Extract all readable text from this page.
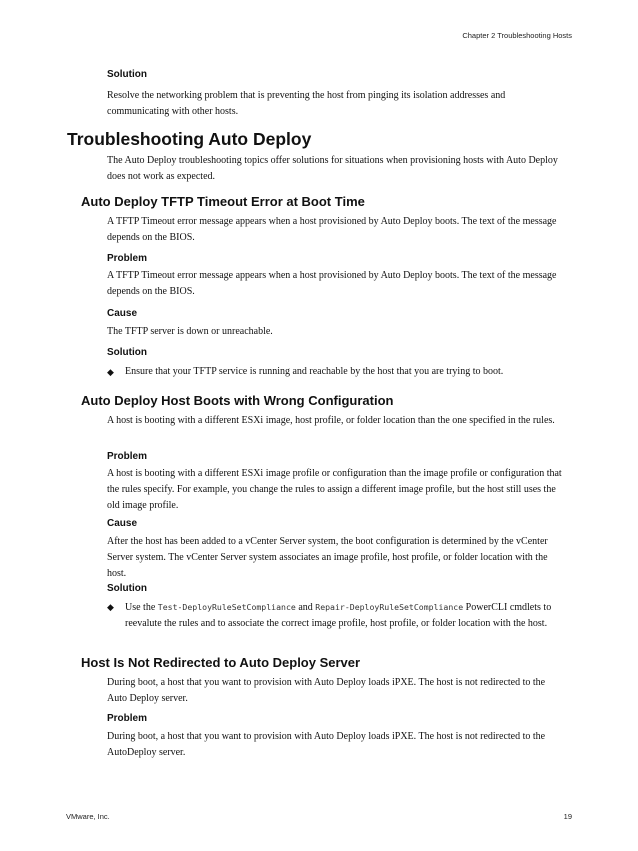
Chapter 2 Troubleshooting Hosts
Solution

Resolve the networking problem that is preventing the host from pinging its isolation addresses and communicating with other hosts.

Troubleshooting Auto Deploy

The Auto Deploy troubleshooting topics offer solutions for situations when provisioning hosts with Auto Deploy does not work as expected.

Auto Deploy TFTP Timeout Error at Boot Time

A TFTP Timeout error message appears when a host provisioned by Auto Deploy boots. The text of the message depends on the BIOS.

Problem

A TFTP Timeout error message appears when a host provisioned by Auto Deploy boots. The text of the message depends on the BIOS.

Cause

The TFTP server is down or unreachable.

Solution
◆	Ensure that your TFTP service is running and reachable by the host that you are trying to boot.
Auto Deploy Host Boots with Wrong Configuration

A host is booting with a different ESXi image, host profile, or folder location than the one specified in the rules.

Problem

A host is booting with a different ESXi image profile or configuration than the image profile or configuration that the rules specify. For example, you change the rules to assign a different image profile, but the host still uses the old image profile.

Cause

After the host has been added to a vCenter Server system, the boot configuration is determined by the vCenter Server system. The vCenter Server system associates an image profile, host profile, or folder location with the host.

Solution
◆	Use the Test-DeployRuleSetCompliance and Repair-DeployRuleSetCompliance PowerCLI cmdlets to reevalute the rules and to associate the correct image profile, host profile, or folder location with the host.
Host Is Not Redirected to Auto Deploy Server

During boot, a host that you want to provision with Auto Deploy loads iPXE. The host is not redirected to the Auto Deploy server.

Problem

During boot, a host that you want to provision with Auto Deploy loads iPXE. The host is not redirected to the AutoDeploy server.

VMware, Inc.	19
